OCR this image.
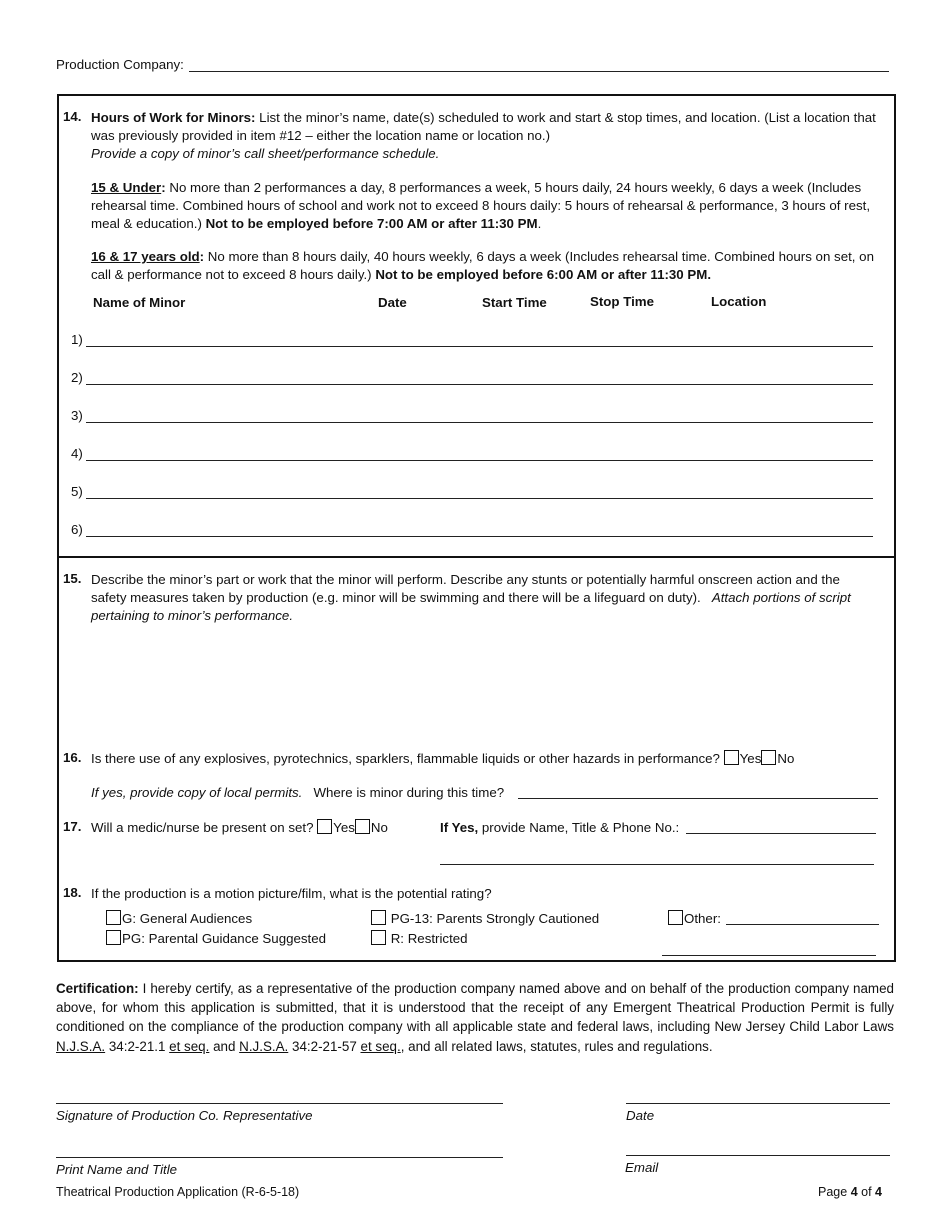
Production Company:
14. Hours of Work for Minors: List the minor’s name, date(s) scheduled to work and start & stop times, and location. (List a location that was previously provided in item #12 – either the location name or location no.)
Provide a copy of minor’s call sheet/performance schedule.
15 & Under: No more than 2 performances a day, 8 performances a week, 5 hours daily, 24 hours weekly, 6 days a week (Includes rehearsal time. Combined hours of school and work not to exceed 8 hours daily: 5 hours of rehearsal & performance, 3 hours of rest, meal & education.) Not to be employed before 7:00 AM or after 11:30 PM.
16 & 17 years old: No more than 8 hours daily, 40 hours weekly, 6 days a week (Includes rehearsal time. Combined hours on set, on call & performance not to exceed 8 hours daily.) Not to be employed before 6:00 AM or after 11:30 PM.
Name of Minor	Date	Start Time	Stop Time	Location
1)
2)
3)
4)
5)
6)
15. Describe the minor’s part or work that the minor will perform. Describe any stunts or potentially harmful onscreen action and the safety measures taken by production (e.g. minor will be swimming and there will be a lifeguard on duty). Attach portions of script pertaining to minor’s performance.
16. Is there use of any explosives, pyrotechnics, sparklers, flammable liquids or other hazards in performance? Yes No
If yes, provide copy of local permits. Where is minor during this time?
17. Will a medic/nurse be present on set? Yes No	If Yes, provide Name, Title & Phone No.:
18. If the production is a motion picture/film, what is the potential rating?
G: General Audiences
PG: Parental Guidance Suggested
PG-13: Parents Strongly Cautioned
R: Restricted
Other:
Certification: I hereby certify, as a representative of the production company named above and on behalf of the production company named above, for whom this application is submitted, that it is understood that the receipt of any Emergent Theatrical Production Permit is fully conditioned on the compliance of the production company with all applicable state and federal laws, including New Jersey Child Labor Laws N.J.S.A. 34:2-21.1 et seq. and N.J.S.A. 34:2-21-57 et seq., and all related laws, statutes, rules and regulations.
Signature of Production Co. Representative	Date
Print Name and Title	Email
Theatrical Production Application (R-6-5-18)	Page 4 of 4
